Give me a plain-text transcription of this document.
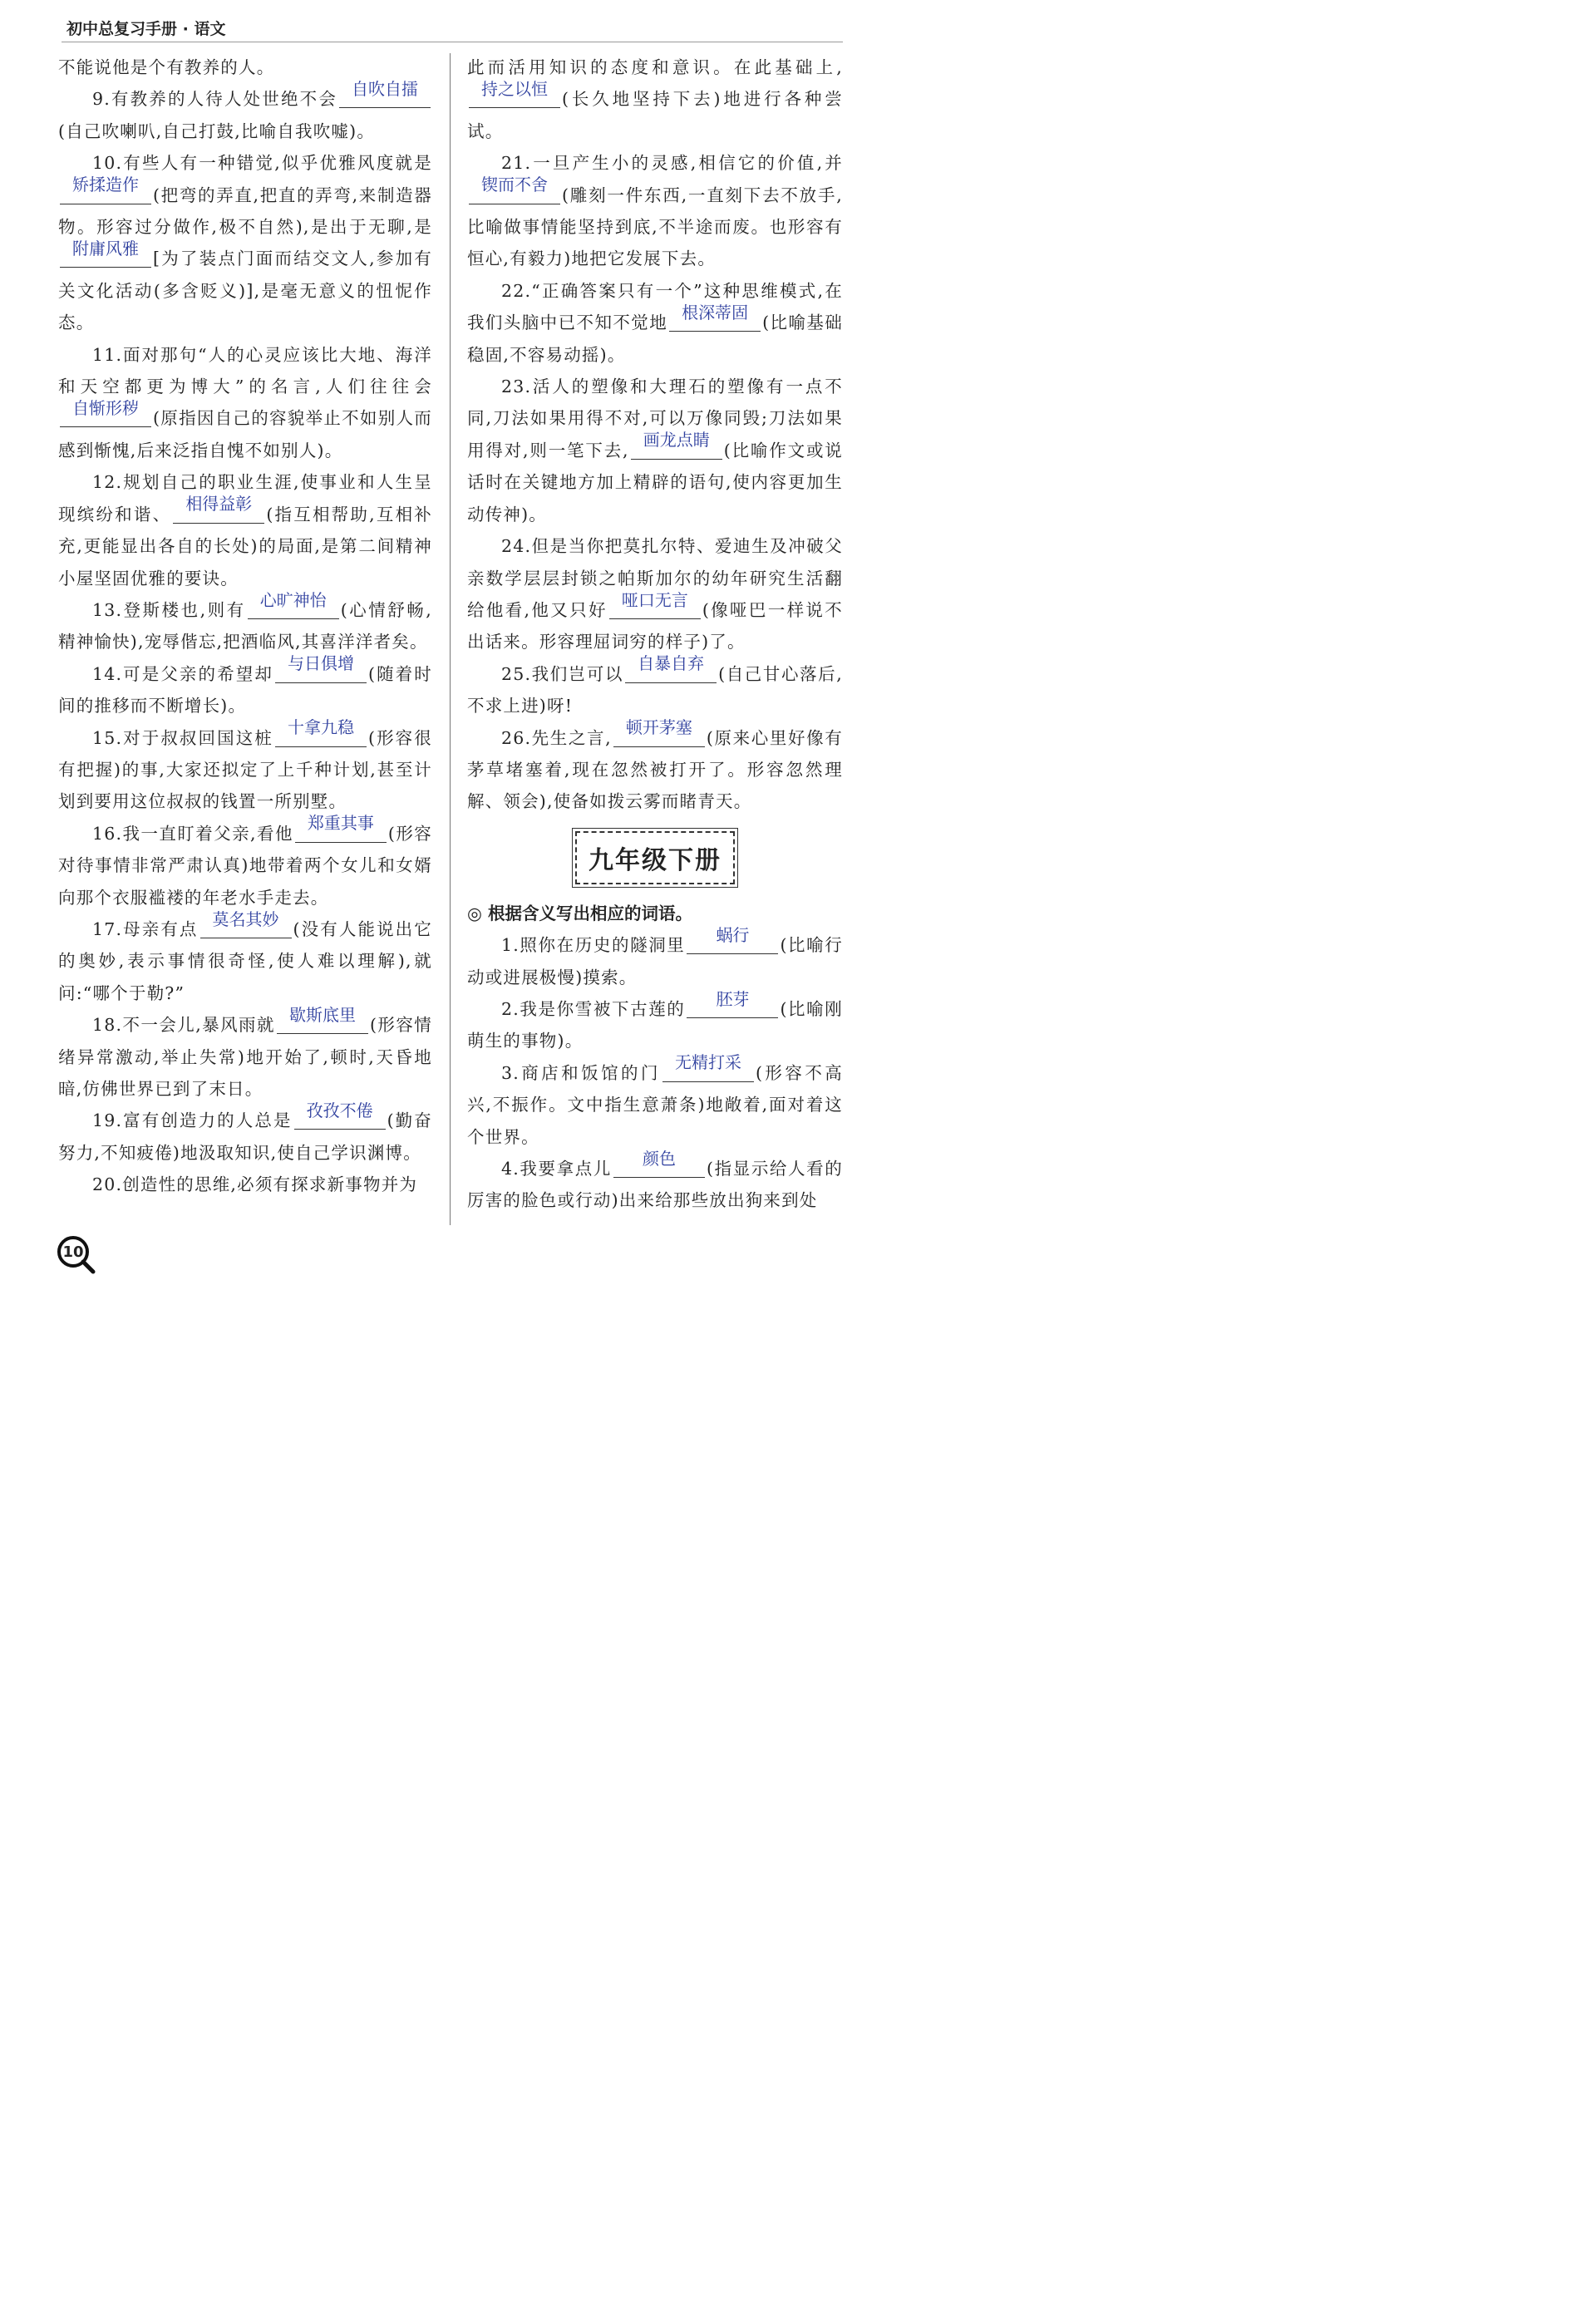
初中总复习手册 · 语文

不能说他是个有教养的人。

9.有教养的人待人处世绝不会
自吹自擂
(自己吹喇叭,自己打鼓,比喻自我吹嘘)。

10.有些人有一种错觉,似乎优雅风度就是
矫揉造作
(把弯的弄直,把直的弄弯,来制造器物。形容过分做作,极不自然),是出于无聊,是
附庸风雅
[为了装点门面而结交文人,参加有关文化活动(多含贬义)],是毫无意义的忸怩作态。

11.面对那句“人的心灵应该比大地、海洋和天空都更为博大”的名言,人们往往会
自惭形秽
(原指因自己的容貌举止不如别人而感到惭愧,后来泛指自愧不如别人)。

12.规划自己的职业生涯,使事业和人生呈现缤纷和谐、
相得益彰
(指互相帮助,互相补充,更能显出各自的长处)的局面,是第二间精神小屋坚固优雅的要诀。

13.登斯楼也,则有
心旷神怡
(心情舒畅,精神愉快),宠辱偕忘,把酒临风,其喜洋洋者矣。

14.可是父亲的希望却
与日俱增
(随着时间的推移而不断增长)。

15.对于叔叔回国这桩
十拿九稳
(形容很有把握)的事,大家还拟定了上千种计划,甚至计划到要用这位叔叔的钱置一所别墅。

16.我一直盯着父亲,看他
郑重其事
(形容对待事情非常严肃认真)地带着两个女儿和女婿向那个衣服褴褛的年老水手走去。

17.母亲有点
莫名其妙
(没有人能说出它的奥妙,表示事情很奇怪,使人难以理解),就问:“哪个于勒?”

18.不一会儿,暴风雨就
歇斯底里
(形容情绪异常激动,举止失常)地开始了,顿时,天昏地暗,仿佛世界已到了末日。

19.富有创造力的人总是
孜孜不倦
(勤奋努力,不知疲倦)地汲取知识,使自己学识渊博。

20.创造性的思维,必须有探求新事物并为

此而活用知识的态度和意识。在此基础上,
持之以恒
(长久地坚持下去)地进行各种尝试。

21.一旦产生小的灵感,相信它的价值,并
锲而不舍
(雕刻一件东西,一直刻下去不放手,比喻做事情能坚持到底,不半途而废。也形容有恒心,有毅力)地把它发展下去。

22.“正确答案只有一个”这种思维模式,在我们头脑中已不知不觉地
根深蒂固
(比喻基础稳固,不容易动摇)。

23.活人的塑像和大理石的塑像有一点不同,刀法如果用得不对,可以万像同毁;刀法如果用得对,则一笔下去,
画龙点睛
(比喻作文或说话时在关键地方加上精辟的语句,使内容更加生动传神)。

24.但是当你把莫扎尔特、爱迪生及冲破父亲数学层层封锁之帕斯加尔的幼年研究生活翻给他看,他又只好
哑口无言
(像哑巴一样说不出话来。形容理屈词穷的样子)了。

25.我们岂可以
自暴自弃
(自己甘心落后,不求上进)呀!

26.先生之言,
顿开茅塞
(原来心里好像有茅草堵塞着,现在忽然被打开了。形容忽然理解、领会),使备如拨云雾而睹青天。

九年级下册

◎ 根据含义写出相应的词语。

1.照你在历史的隧洞里
蜗行
(比喻行动或进展极慢)摸索。

2.我是你雪被下古莲的
胚芽
(比喻刚萌生的事物)。

3.商店和饭馆的门
无精打采
(形容不高兴,不振作。文中指生意萧条)地敞着,面对着这个世界。

4.我要拿点儿
颜色
(指显示给人看的厉害的脸色或行动)出来给那些放出狗来到处

10
